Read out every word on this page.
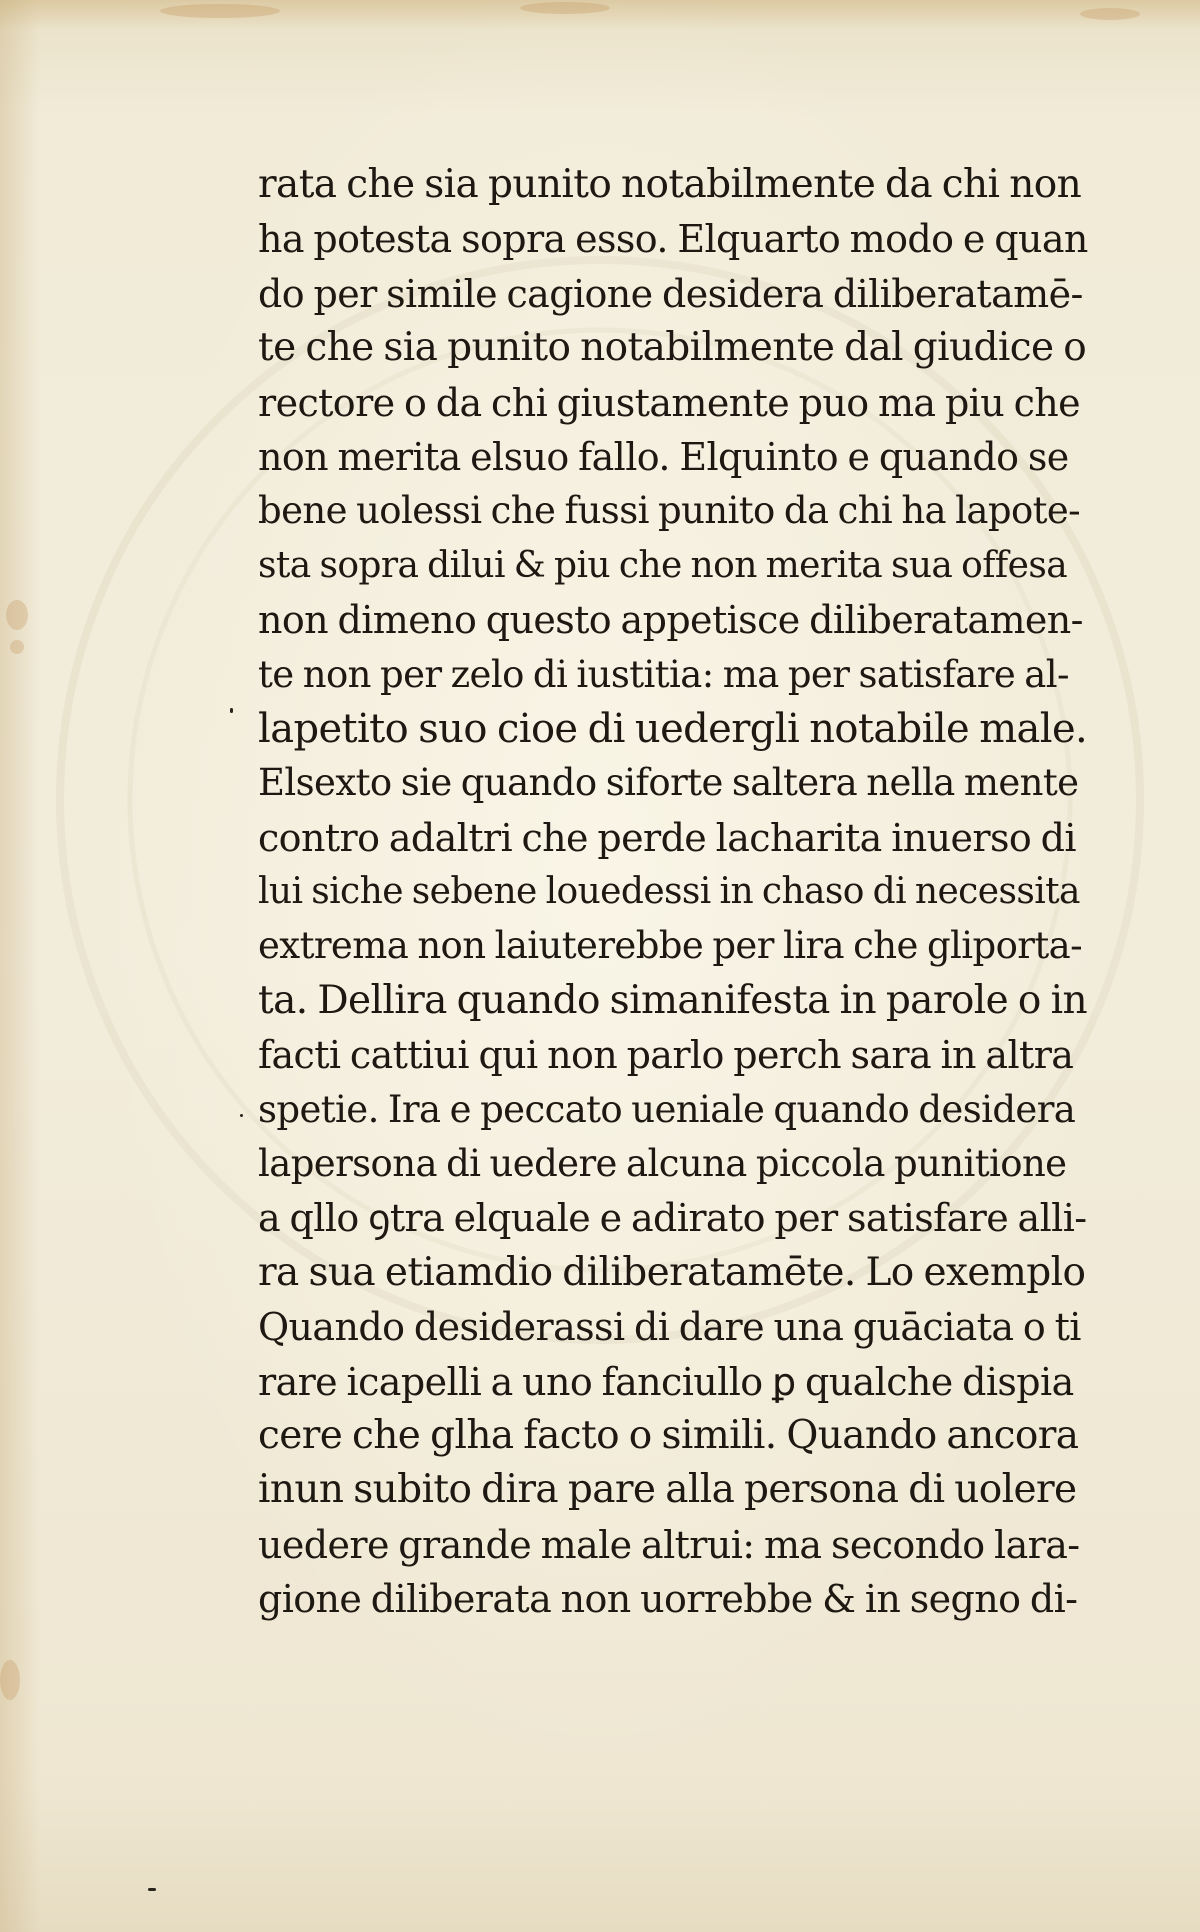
rata che sia punito notabilmente da chi non
ha potesta sopra esso. Elquarto modo e quan
do per simile cagione desidera diliberatamē-
te che sia punito notabilmente dal giudice o
rectore o da chi giustamente puo ma piu che
non merita elsuo fallo. Elquinto e quando se
bene uolessi che fussi punito da chi ha lapote-
sta sopra dilui & piu che non merita sua offesa
non dimeno questo appetisce diliberatamen-
te non per zelo di iustitia: ma per satisfare al-
lapetito suo cioe di uedergli notabile male.
Elsexto sie quando siforte saltera nella mente
contro adaltri che perde lacharita inuerso di
lui siche sebene louedessi in chaso di necessita
extrema non laiuterebbe per lira che gliporta-
ta. Dellira quando simanifesta in parole o in
facti cattiui qui non parlo perch sara in altra
spetie. Ira e peccato ueniale quando desidera
lapersona di uedere alcuna piccola punitione
a qllo ꝯtra elquale e adirato per satisfare alli-
ra sua etiamdio diliberatamēte. Lo exemplo
Quando desiderassi di dare una guāciata o ti
rare icapelli a uno fanciullo ꝑ qualche dispia
cere che glha facto o simili. Quando ancora
inun subito dira pare alla persona di uolere
uedere grande male altrui: ma secondo lara-
gione diliberata non uorrebbe & in segno di-
